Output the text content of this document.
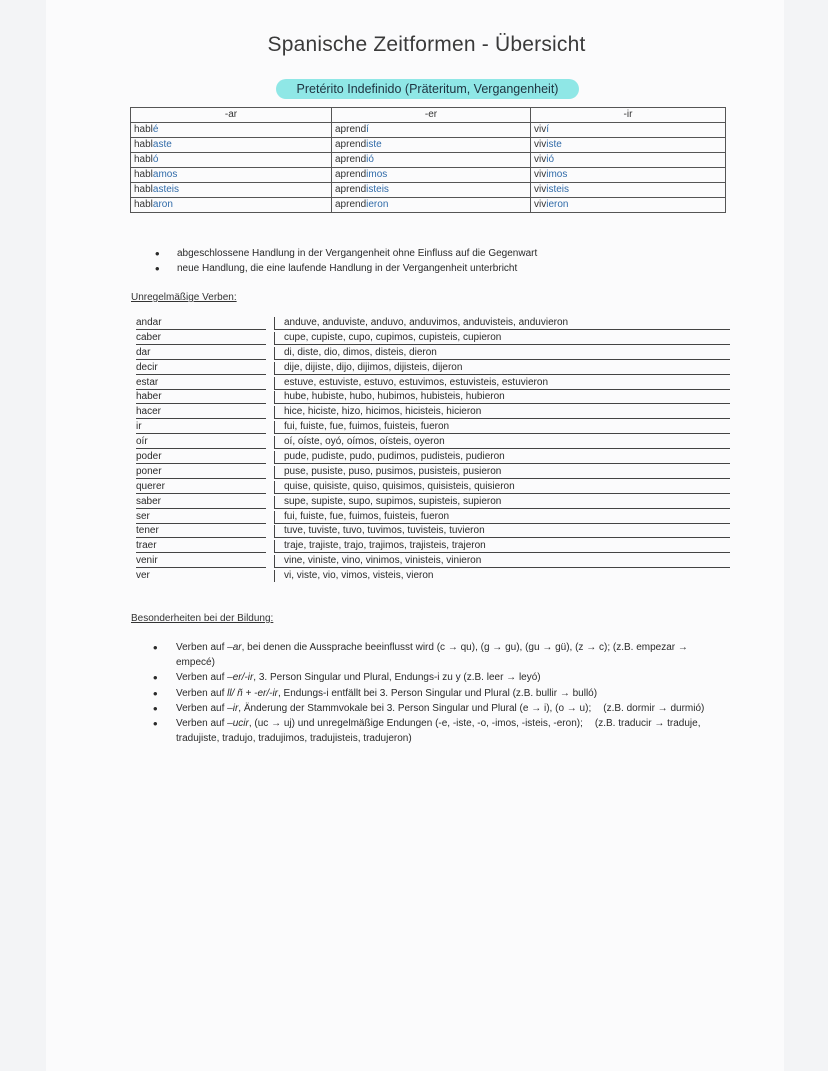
Spanische Zeitformen - Übersicht
Pretérito Indefinido (Präteritum, Vergangenheit)
-ar	-er	-ir
hablé	aprendí	viví
hablaste	aprendiste	viviste
habló	aprendió	vivió
hablamos	aprendimos	vivimos
hablasteis	aprendisteis	vivisteis
hablaron	aprendieron	vivieron
• abgeschlossene Handlung in der Vergangenheit ohne Einfluss auf die Gegenwart
• neue Handlung, die eine laufende Handlung in der Vergangenheit unterbricht
Unregelmäßige Verben:
andar	anduve, anduviste, anduvo, anduvimos, anduvisteis, anduvieron
caber	cupe, cupiste, cupo, cupimos, cupisteis, cupieron
dar	di, diste, dio, dimos, disteis, dieron
decir	dije, dijiste, dijo, dijimos, dijisteis, dijeron
estar	estuve, estuviste, estuvo, estuvimos, estuvisteis, estuvieron
haber	hube, hubiste, hubo, hubimos, hubisteis, hubieron
hacer	hice, hiciste, hizo, hicimos, hicisteis, hicieron
ir	fui, fuiste, fue, fuimos, fuisteis, fueron
oír	oí, oíste, oyó, oímos, oísteis, oyeron
poder	pude, pudiste, pudo, pudimos, pudisteis, pudieron
poner	puse, pusiste, puso, pusimos, pusisteis, pusieron
querer	quise, quisiste, quiso, quisimos, quisisteis, quisieron
saber	supe, supiste, supo, supimos, supisteis, supieron
ser	fui, fuiste, fue, fuimos, fuisteis, fueron
tener	tuve, tuviste, tuvo, tuvimos, tuvisteis, tuvieron
traer	traje, trajiste, trajo, trajimos, trajisteis, trajeron
venir	vine, viniste, vino, vinimos, vinisteis, vinieron
ver	vi, viste, vio, vimos, visteis, vieron
Besonderheiten bei der Bildung:
• Verben auf –ar, bei denen die Aussprache beeinflusst wird (c → qu), (g → gu), (gu → gü), (z → c); (z.B. empezar → empecé)
• Verben auf –er/-ir, 3. Person Singular und Plural, Endungs-i zu y (z.B. leer → leyó)
• Verben auf ll/ ñ + -er/-ir, Endungs-i entfällt bei 3. Person Singular und Plural (z.B. bullir → bulló)
• Verben auf –ir, Änderung der Stammvokale bei 3. Person Singular und Plural (e → i), (o → u); (z.B. dormir → durmió)
• Verben auf –ucir, (uc → uj) und unregelmäßige Endungen (-e, -iste, -o, -imos, -isteis, -eron); (z.B. traducir → traduje, tradujiste, tradujo, tradujimos, tradujisteis, tradujeron)
